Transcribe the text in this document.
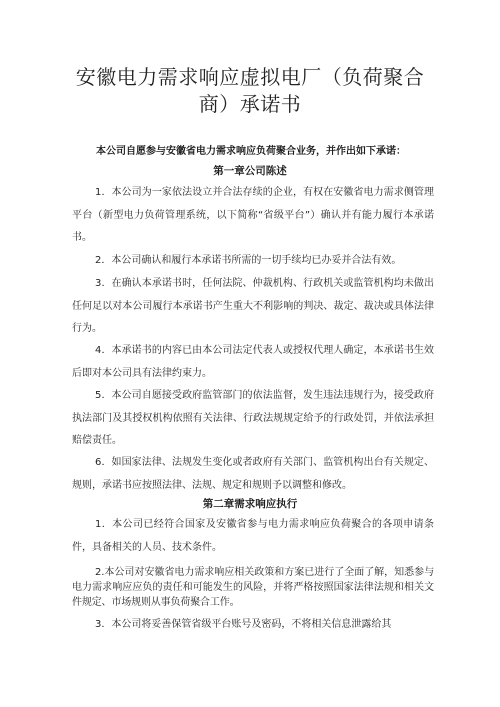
安徽电力需求响应虚拟电厂（负荷聚合
商）承诺书
本公司自愿参与安徽省电力需求响应负荷聚合业务，并作出如下承诺：
第一章公司陈述
1．本公司为一家依法设立并合法存续的企业，有权在安徽省电力需求侧管理平台（新型电力负荷管理系统，以下简称“省级平台”）确认并有能力履行本承诺书。
2．本公司确认和履行本承诺书所需的一切手续均已办妥并合法有效。
3．在确认本承诺书时，任何法院、仲裁机构、行政机关或监管机构均未做出任何足以对本公司履行本承诺书产生重大不利影响的判决、裁定、裁决或具体法律行为。
4．本承诺书的内容已由本公司法定代表人或授权代理人确定，本承诺书生效后即对本公司具有法律约束力。
5．本公司自愿接受政府监管部门的依法监督，发生违法违规行为，接受政府执法部门及其授权机构依照有关法律、行政法规规定给予的行政处罚，并依法承担赔偿责任。
6．如国家法律、法规发生变化或者政府有关部门、监管机构出台有关规定、规则，承诺书应按照法律、法规、规定和规则予以调整和修改。
第二章需求响应执行
1．本公司已经符合国家及安徽省参与电力需求响应负荷聚合的各项申请条件，具备相关的人员、技术条件。
2.本公司对安徽省电力需求响应相关政策和方案已进行了全面了解，知悉参与电力需求响应应负的责任和可能发生的风险，并将严格按照国家法律法规和相关文件规定、市场规则从事负荷聚合工作。
3．本公司将妥善保管省级平台账号及密码，不将相关信息泄露给其
